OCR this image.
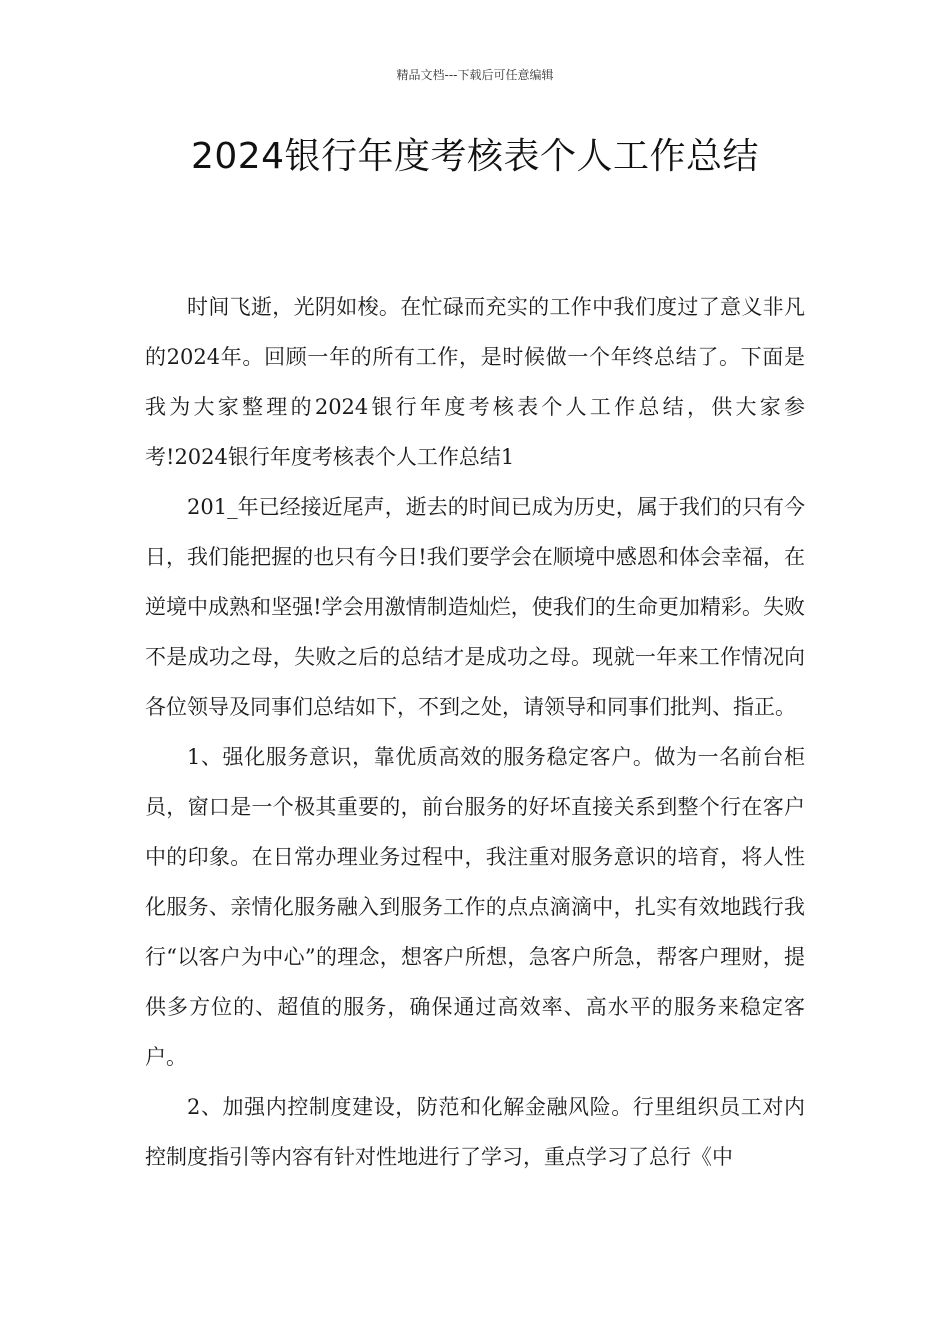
精品文档---下载后可任意编辑
2024银行年度考核表个人工作总结

时间飞逝，光阴如梭。在忙碌而充实的工作中我们度过了意义非凡的2024年。回顾一年的所有工作，是时候做一个年终总结了。下面是我为大家整理的2024银行年度考核表个人工作总结，供大家参考!2024银行年度考核表个人工作总结1

201_年已经接近尾声，逝去的时间已成为历史，属于我们的只有今日，我们能把握的也只有今日!我们要学会在顺境中感恩和体会幸福，在逆境中成熟和坚强!学会用激情制造灿烂，使我们的生命更加精彩。失败不是成功之母，失败之后的总结才是成功之母。现就一年来工作情况向各位领导及同事们总结如下，不到之处，请领导和同事们批判、指正。

1、强化服务意识，靠优质高效的服务稳定客户。做为一名前台柜员，窗口是一个极其重要的，前台服务的好坏直接关系到整个行在客户中的印象。在日常办理业务过程中，我注重对服务意识的培育，将人性化服务、亲情化服务融入到服务工作的点点滴滴中，扎实有效地践行我行“以客户为中心”的理念，想客户所想，急客户所急，帮客户理财，提供多方位的、超值的服务，确保通过高效率、高水平的服务来稳定客户。

2、加强内控制度建设，防范和化解金融风险。行里组织员工对内控制度指引等内容有针对性地进行了学习，重点学习了总行《中
